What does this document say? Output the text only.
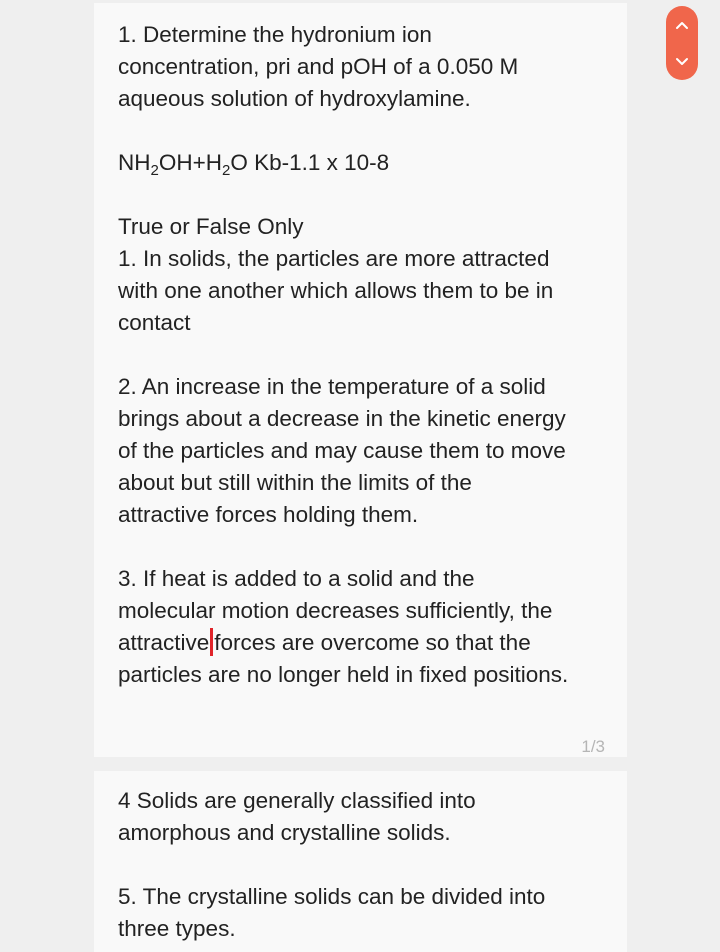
1. Determine the hydronium ion
concentration, pri and pOH of a 0.050 M
aqueous solution of hydroxylamine.
$NH_2OH+H_2O$ Kb-1.1 x 10-8
True or False Only
1. In solids, the particles are more attracted
with one another which allows them to be in
contact
2. An increase in the temperature of a solid
brings about a decrease in the kinetic energy
of the particles and may cause them to move
about but still within the limits of the
attractive forces holding them.
3. If heat is added to a solid and the
molecular motion decreases sufficiently, the
attractive forces are overcome so that the
particles are no longer held in fixed positions.
1/3
4 Solids are generally classified into
amorphous and crystalline solids.
5. The crystalline solids can be divided into
three types.
